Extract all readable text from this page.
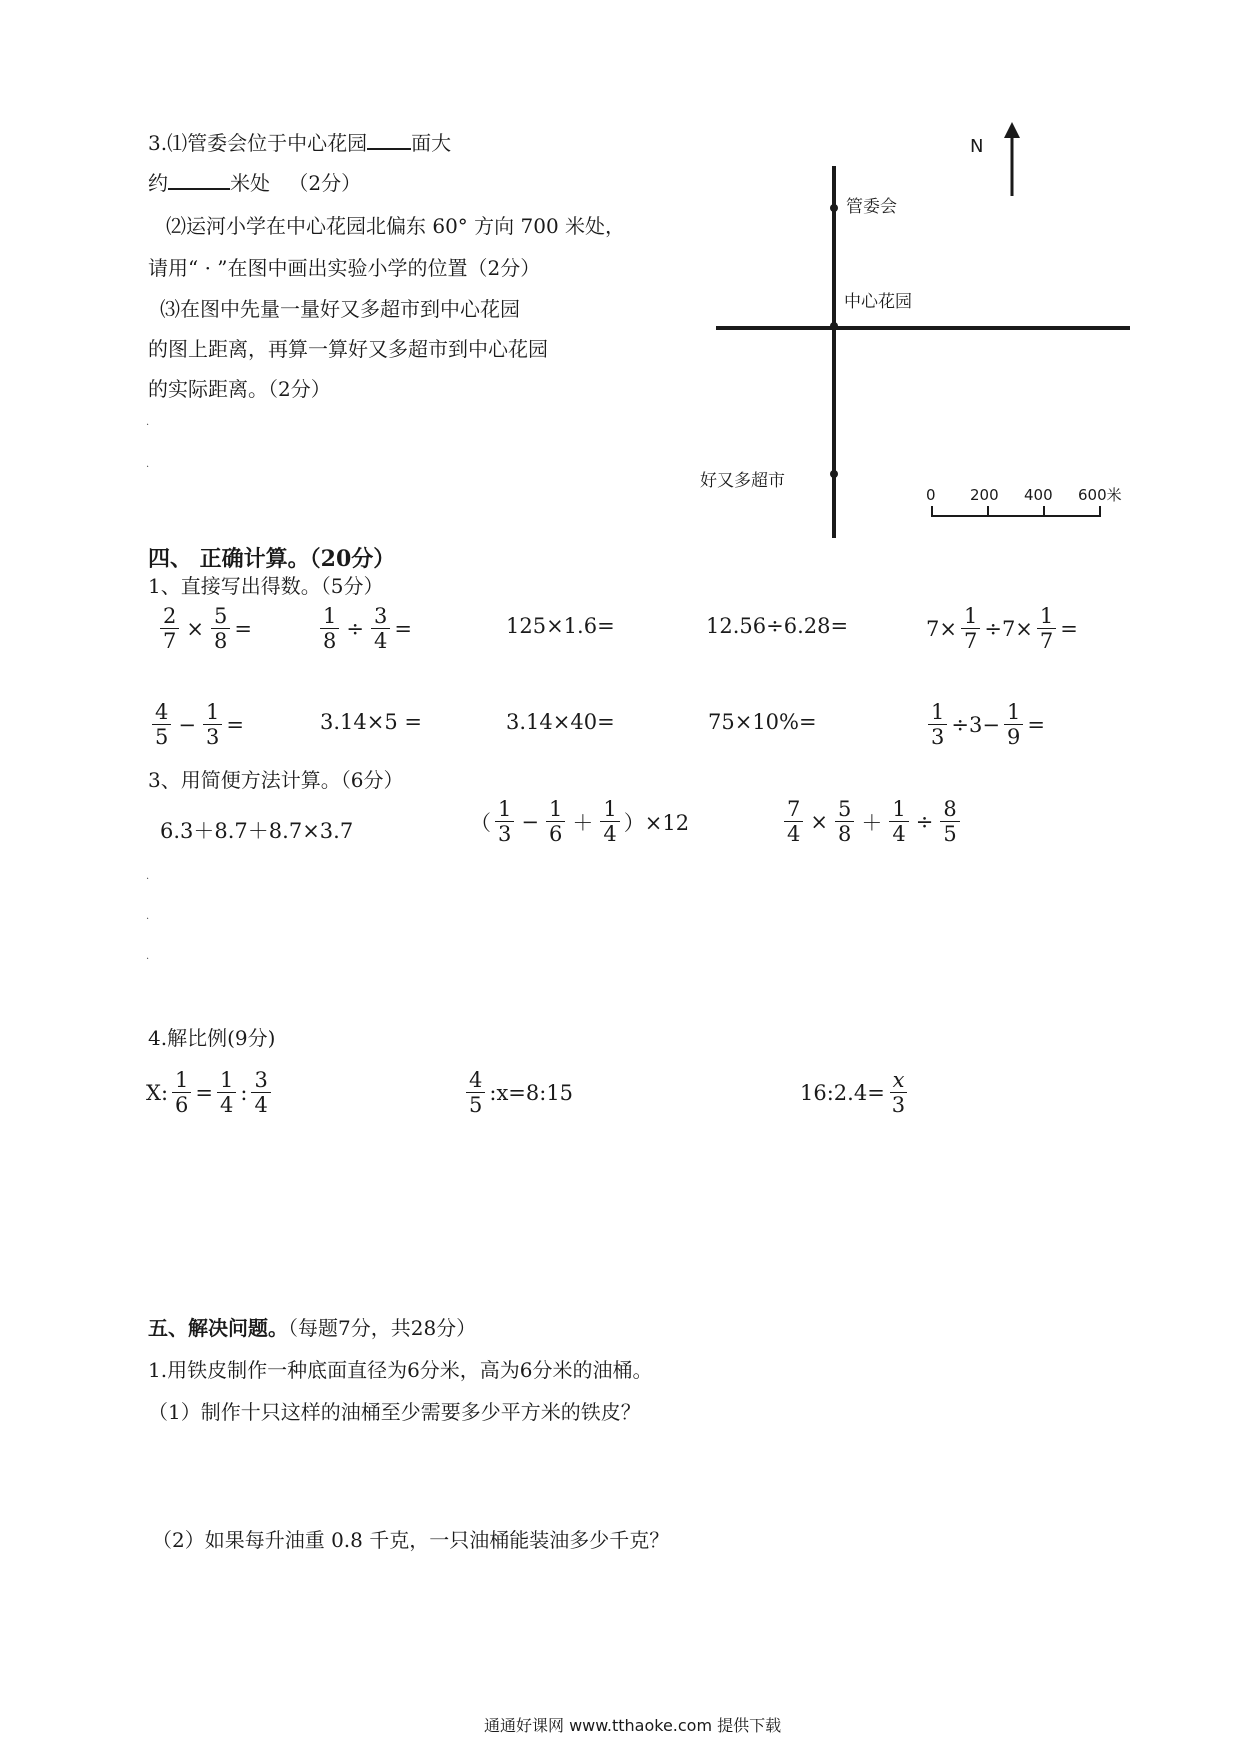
3.⑴管委会位于中心花园 面大
约	米处 （2分）
⑵运河小学在中心花园北偏东 60° 方向 700 米处，
请用“ · ”在图中画出实验小学的位置（2分）
⑶在图中先量一量好又多超市到中心花园
的图上距离，再算一算好又多超市到中心花园
的实际距离。（2分）
·
·
N
管委会
中心花园
好又多超市
0 200 400 600米
四、 正确计算。（20分）
1、直接写出得数。（5分）
$\frac{2}{7} \times \frac{5}{8}$ =	$\frac{1}{8} \div \frac{3}{4}$ =	125×1.6=	12.56÷6.28=	$7\times \frac{1}{7} \div 7\times \frac{1}{7}$ =
$\frac{4}{5} - \frac{1}{3}$ =	3.14×5 =	3.14×40=	75×10%=	$\frac{1}{3} \div 3- \frac{1}{9}$ =
3、用简便方法计算。（6分）
6.3＋8.7＋8.7×3.7	（ $\frac{1}{3} - \frac{1}{6} + \frac{1}{4} )\times 12$	$\frac{7}{4} \times \frac{5}{8} + \frac{1}{4} \div \frac{8}{5}$
·
·
·
4.解比例(9分)
X: $\frac{1}{6} = \frac{1}{4}$ : $\frac{3}{4}$	$\frac{4}{5}$ :x=8:15	16:2.4= $\frac{x}{3}$
五、解决问题。（每题7分，共28分）
1.用铁皮制作一种底面直径为6分米，高为6分米的油桶。
（1）制作十只这样的油桶至少需要多少平方米的铁皮？
（2）如果每升油重 0.8 千克，一只油桶能装油多少千克？
通通好课网 www.tthaoke.com 提供下载
